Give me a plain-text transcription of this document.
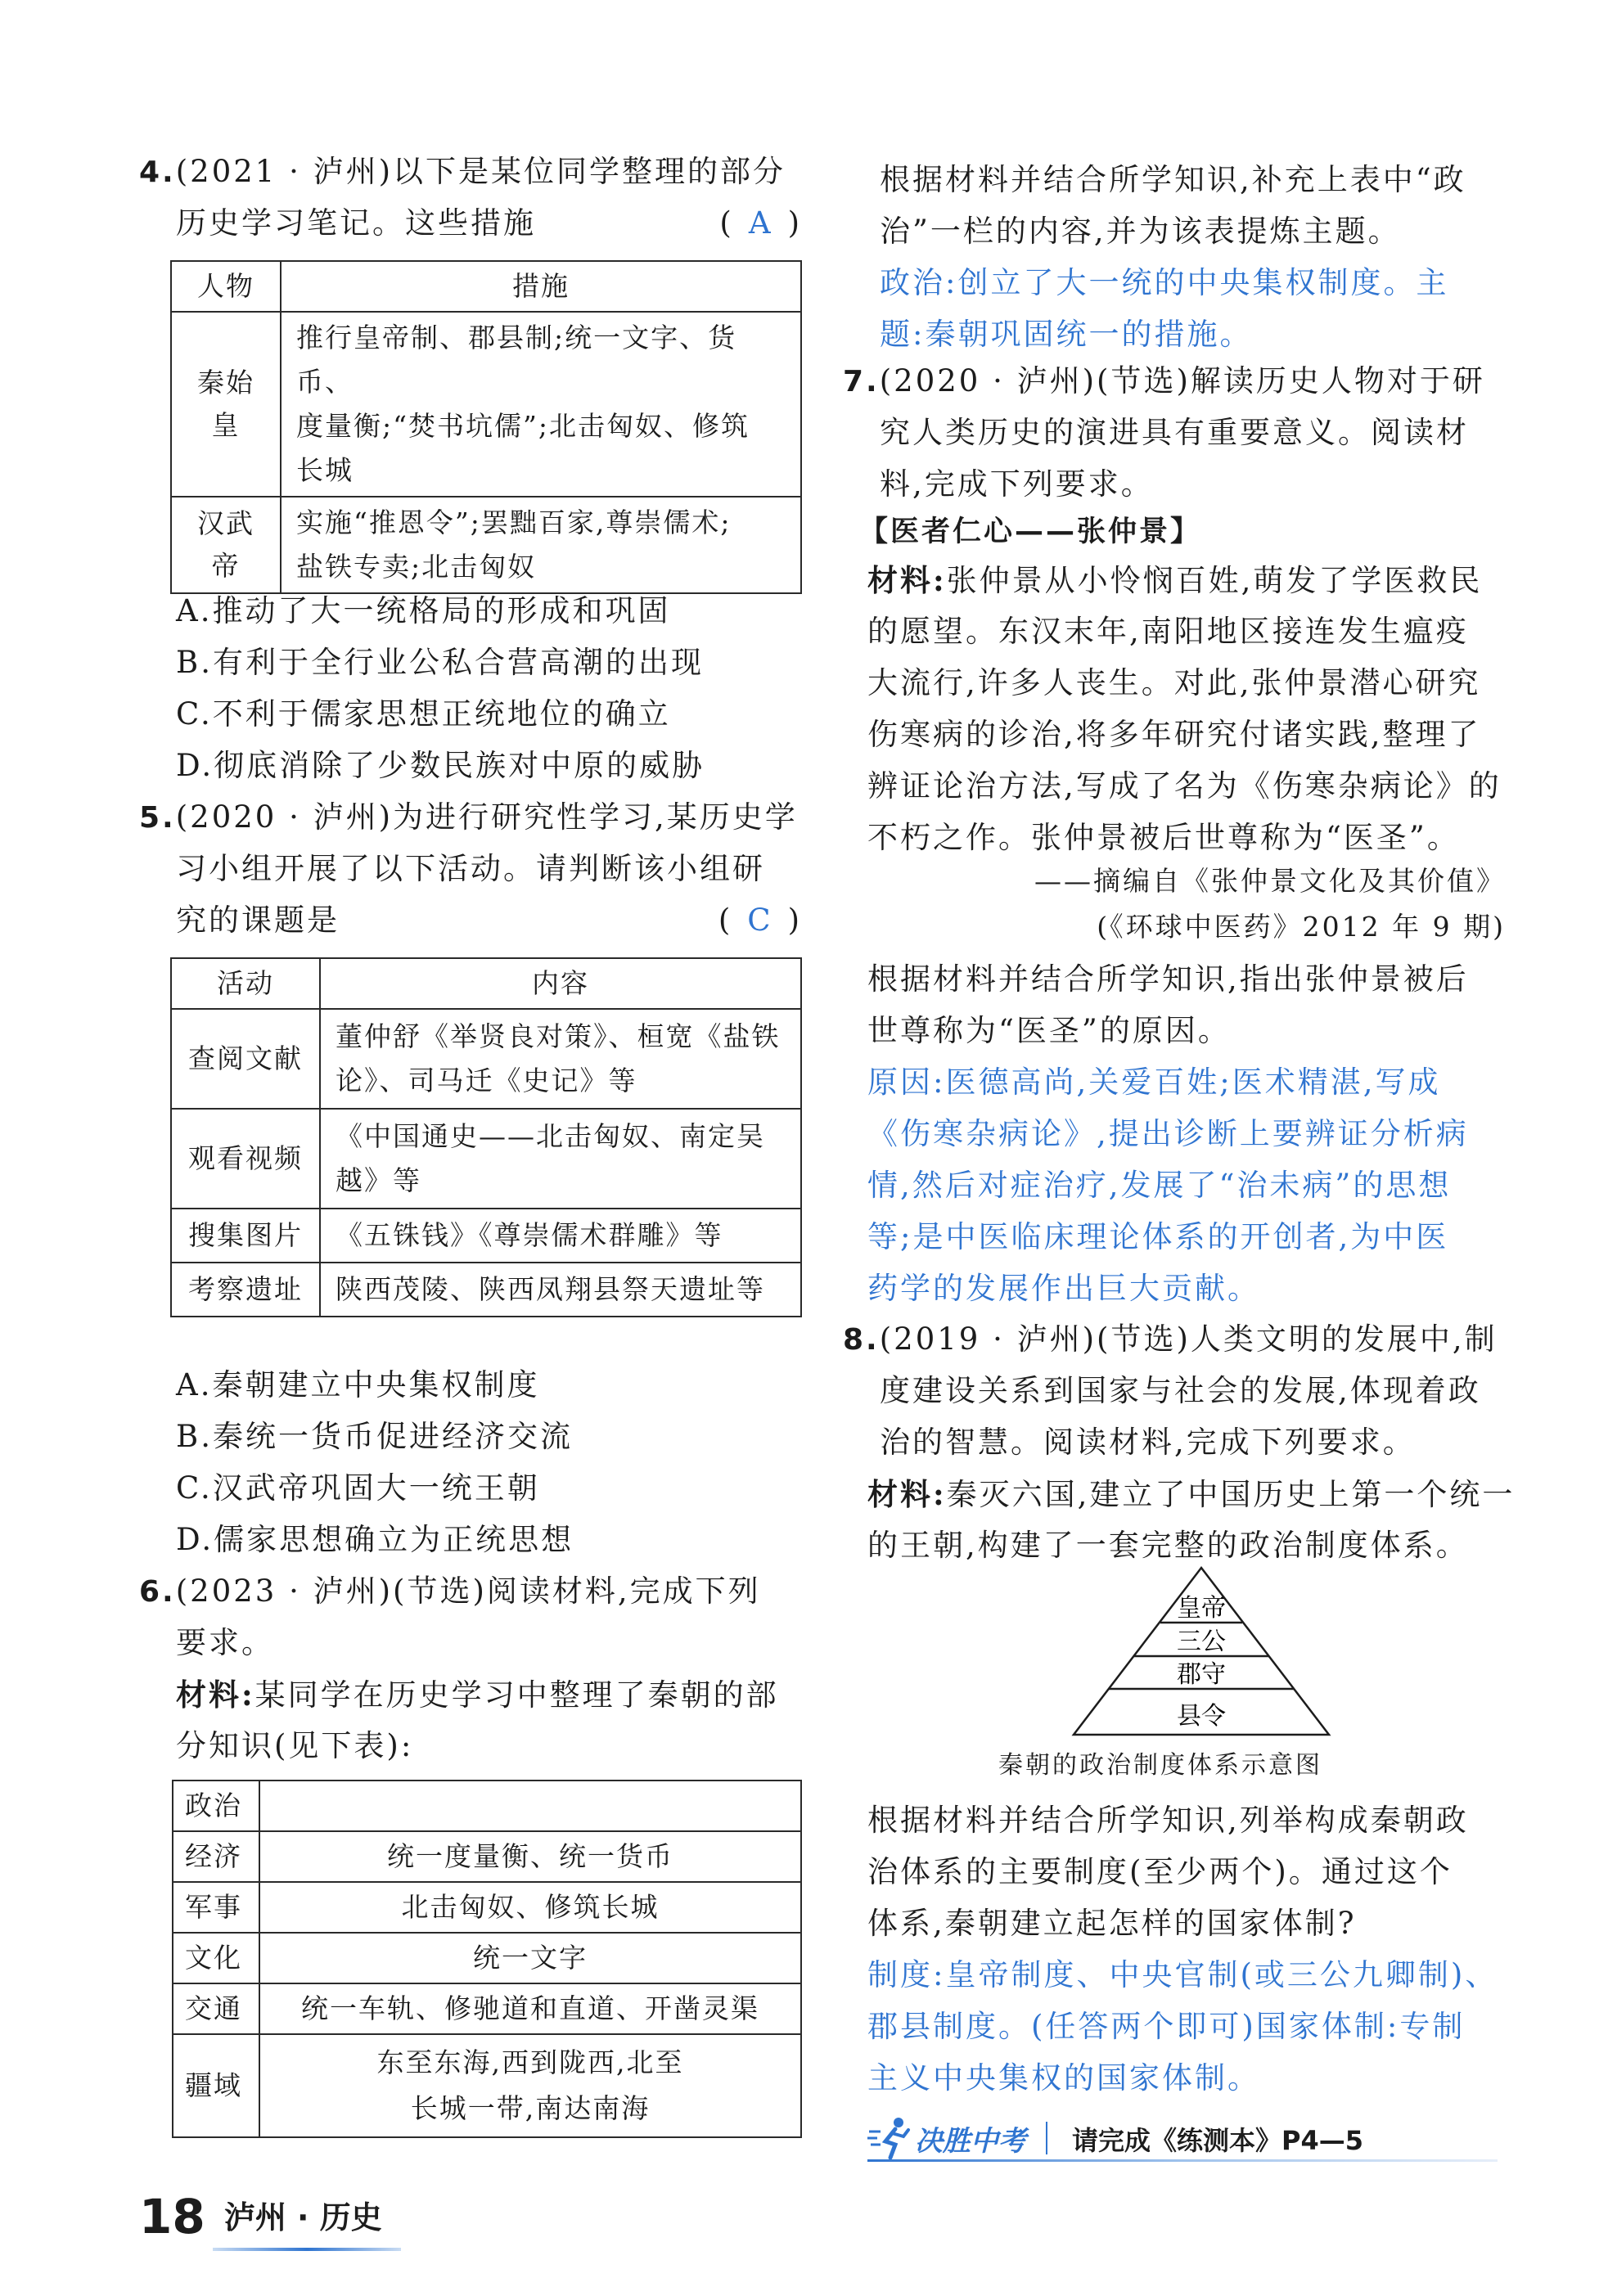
4.(2021 · 泸州)以下是某位同学整理的部分
历史学习笔记。这些措施	( A )
人物	措施
秦始皇	推行皇帝制、郡县制;统一文字、货币、
度量衡;“焚书坑儒”;北击匈奴、修筑
长城

汉武帝	实施“推恩令”;罢黜百家,尊崇儒术;
盐铁专卖;北击匈奴
A.推动了大一统格局的形成和巩固
B.有利于全行业公私合营高潮的出现
C.不利于儒家思想正统地位的确立
D.彻底消除了少数民族对中原的威胁
5.(2020 · 泸州)为进行研究性学习,某历史学
习小组开展了以下活动。请判断该小组研
究的课题是	( C )
活动	内容
查阅文献	董仲舒《举贤良对策》、桓宽《盐铁
论》、司马迁《史记》等

观看视频	《中国通史——北击匈奴、南定吴
越》等

搜集图片	《五铢钱》《尊崇儒术群雕》等

考察遗址	陕西茂陵、陕西凤翔县祭天遗址等
A.秦朝建立中央集权制度
B.秦统一货币促进经济交流
C.汉武帝巩固大一统王朝
D.儒家思想确立为正统思想
6.(2023 · 泸州)(节选)阅读材料,完成下列
要求。
材料:某同学在历史学习中整理了秦朝的部
分知识(见下表):
政治	
经济	统一度量衡、统一货币
军事	北击匈奴、修筑长城
文化	统一文字
交通	统一车轨、修驰道和直道、开凿灵渠
疆域	东至东海,西到陇西,北至
长城一带,南达南海
18 泸州 · 历史
根据材料并结合所学知识,补充上表中“政
治”一栏的内容,并为该表提炼主题。
政治:创立了大一统的中央集权制度。主
题:秦朝巩固统一的措施。
7.(2020 · 泸州)(节选)解读历史人物对于研
究人类历史的演进具有重要意义。阅读材
料,完成下列要求。
【医者仁心——张仲景】
材料:张仲景从小怜悯百姓,萌发了学医救民
的愿望。东汉末年,南阳地区接连发生瘟疫
大流行,许多人丧生。对此,张仲景潜心研究
伤寒病的诊治,将多年研究付诸实践,整理了
辨证论治方法,写成了名为《伤寒杂病论》的
不朽之作。张仲景被后世尊称为“医圣”。
——摘编自《张仲景文化及其价值》
(《环球中医药》2012 年 9 期)
根据材料并结合所学知识,指出张仲景被后
世尊称为“医圣”的原因。
原因:医德高尚,关爱百姓;医术精湛,写成
《伤寒杂病论》,提出诊断上要辨证分析病
情,然后对症治疗,发展了“治未病”的思想
等;是中医临床理论体系的开创者,为中医
药学的发展作出巨大贡献。
8.(2019 · 泸州)(节选)人类文明的发展中,制
度建设关系到国家与社会的发展,体现着政
治的智慧。阅读材料,完成下列要求。
材料:秦灭六国,建立了中国历史上第一个统一
的王朝,构建了一套完整的政治制度体系。
皇帝
三公
郡守
县令
秦朝的政治制度体系示意图
根据材料并结合所学知识,列举构成秦朝政
治体系的主要制度(至少两个)。通过这个
体系,秦朝建立起怎样的国家体制?
制度:皇帝制度、中央官制(或三公九卿制)、
郡县制度。(任答两个即可)国家体制:专制
主义中央集权的国家体制。
决胜中考 请完成《练测本》P4—5
